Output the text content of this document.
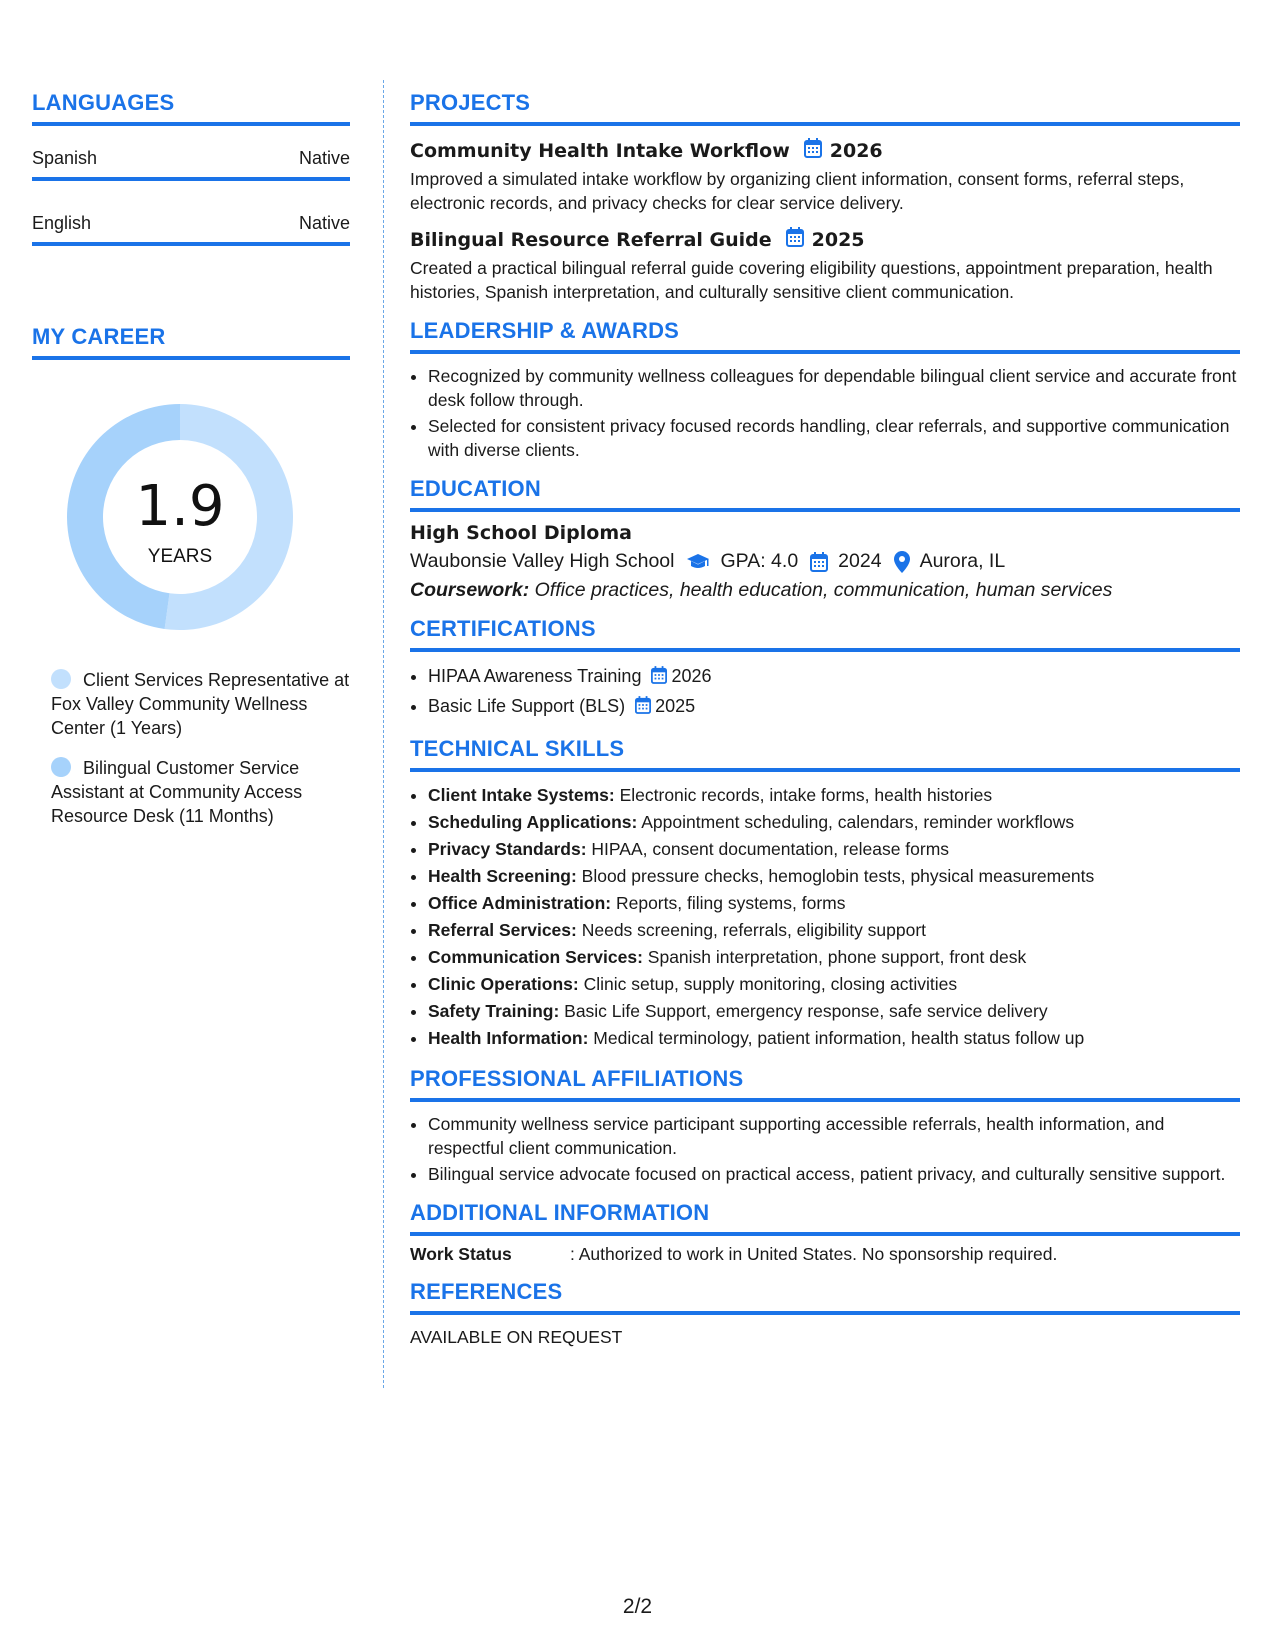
LANGUAGES
Spanish	Native
English	Native
MY CAREER
1.9
YEARS
Client Services Representative at Fox Valley Community Wellness Center (1 Years)
Bilingual Customer Service Assistant at Community Access Resource Desk (11 Months)
PROJECTS
Community Health Intake Workflow 2026
Improved a simulated intake workflow by organizing client information, consent forms, referral steps, electronic records, and privacy checks for clear service delivery.
Bilingual Resource Referral Guide 2025
Created a practical bilingual referral guide covering eligibility questions, appointment preparation, health histories, Spanish interpretation, and culturally sensitive client communication.
LEADERSHIP & AWARDS
• Recognized by community wellness colleagues for dependable bilingual client service and accurate front desk follow through.
• Selected for consistent privacy focused records handling, clear referrals, and supportive communication with diverse clients.
EDUCATION
High School Diploma
Waubonsie Valley High School GPA: 4.0 2024 Aurora, IL
Coursework: Office practices, health education, communication, human services
CERTIFICATIONS
• HIPAA Awareness Training 2026
• Basic Life Support (BLS) 2025
TECHNICAL SKILLS
• Client Intake Systems: Electronic records, intake forms, health histories
• Scheduling Applications: Appointment scheduling, calendars, reminder workflows
• Privacy Standards: HIPAA, consent documentation, release forms
• Health Screening: Blood pressure checks, hemoglobin tests, physical measurements
• Office Administration: Reports, filing systems, forms
• Referral Services: Needs screening, referrals, eligibility support
• Communication Services: Spanish interpretation, phone support, front desk
• Clinic Operations: Clinic setup, supply monitoring, closing activities
• Safety Training: Basic Life Support, emergency response, safe service delivery
• Health Information: Medical terminology, patient information, health status follow up
PROFESSIONAL AFFILIATIONS
• Community wellness service participant supporting accessible referrals, health information, and respectful client communication.
• Bilingual service advocate focused on practical access, patient privacy, and culturally sensitive support.
ADDITIONAL INFORMATION
Work Status	: Authorized to work in United States. No sponsorship required.
REFERENCES
AVAILABLE ON REQUEST
2/2
